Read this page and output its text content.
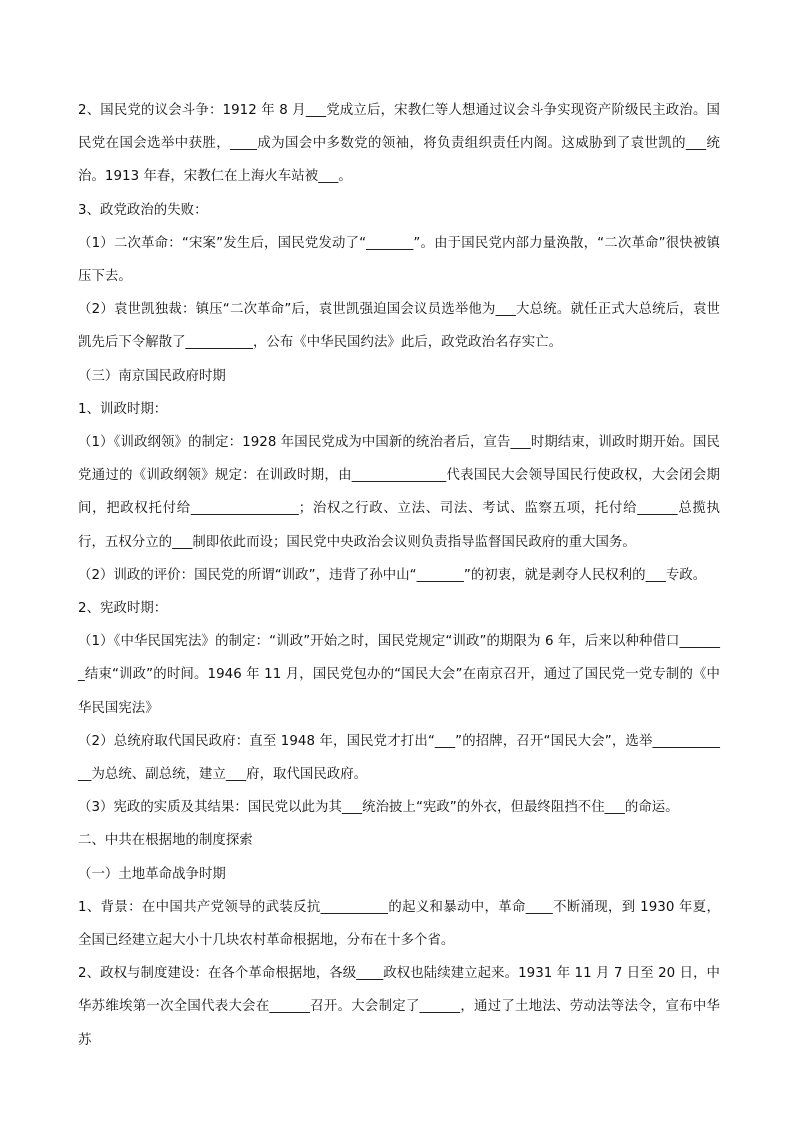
2、国民党的议会斗争：1912 年 8 月___党成立后，宋教仁等人想通过议会斗争实现资产阶级民主政治。国民党在国会选举中获胜，____成为国会中多数党的领袖，将负责组织责任内阁。这威胁到了袁世凯的___统治。1913 年春，宋教仁在上海火车站被___。

3、政党政治的失败：

（1）二次革命：“宋案”发生后，国民党发动了“_______”。由于国民党内部力量涣散，“二次革命”很快被镇压下去。

（2）袁世凯独裁：镇压“二次革命”后，袁世凯强迫国会议员选举他为___大总统。就任正式大总统后，袁世凯先后下令解散了__________，公布《中华民国约法》此后，政党政治名存实亡。

（三）南京国民政府时期

1、训政时期：

（1）《训政纲领》的制定：1928 年国民党成为中国新的统治者后，宣告___时期结束，训政时期开始。国民党通过的《训政纲领》规定：在训政时期，由______________代表国民大会领导国民行使政权，大会闭会期间，把政权托付给________________；治权之行政、立法、司法、考试、监察五项，托付给______总揽执行，五权分立的___制即依此而设；国民党中央政治会议则负责指导监督国民政府的重大国务。

（2）训政的评价：国民党的所谓“训政”，违背了孙中山“_______”的初衷，就是剥夺人民权利的___专政。

2、宪政时期：

（1）《中华民国宪法》的制定：“训政”开始之时，国民党规定“训政”的期限为 6 年，后来以种种借口_______结束“训政”的时间。1946 年 11 月，国民党包办的“国民大会”在南京召开，通过了国民党一党专制的《中华民国宪法》

（2）总统府取代国民政府：直至 1948 年，国民党才打出“___”的招牌，召开“国民大会”，选举____________为总统、副总统，建立___府，取代国民政府。

（3）宪政的实质及其结果：国民党以此为其___统治披上“宪政”的外衣，但最终阻挡不住___的命运。

二、中共在根据地的制度探索

（一）土地革命战争时期

1、背景：在中国共产党领导的武装反抗__________的起义和暴动中，革命____不断涌现，到 1930 年夏，全国已经建立起大小十几块农村革命根据地，分布在十多个省。

2、政权与制度建设：在各个革命根据地，各级____政权也陆续建立起来。1931 年 11 月 7 日至 20 日，中华苏维埃第一次全国代表大会在______召开。大会制定了______，通过了土地法、劳动法等法令，宣布中华苏
